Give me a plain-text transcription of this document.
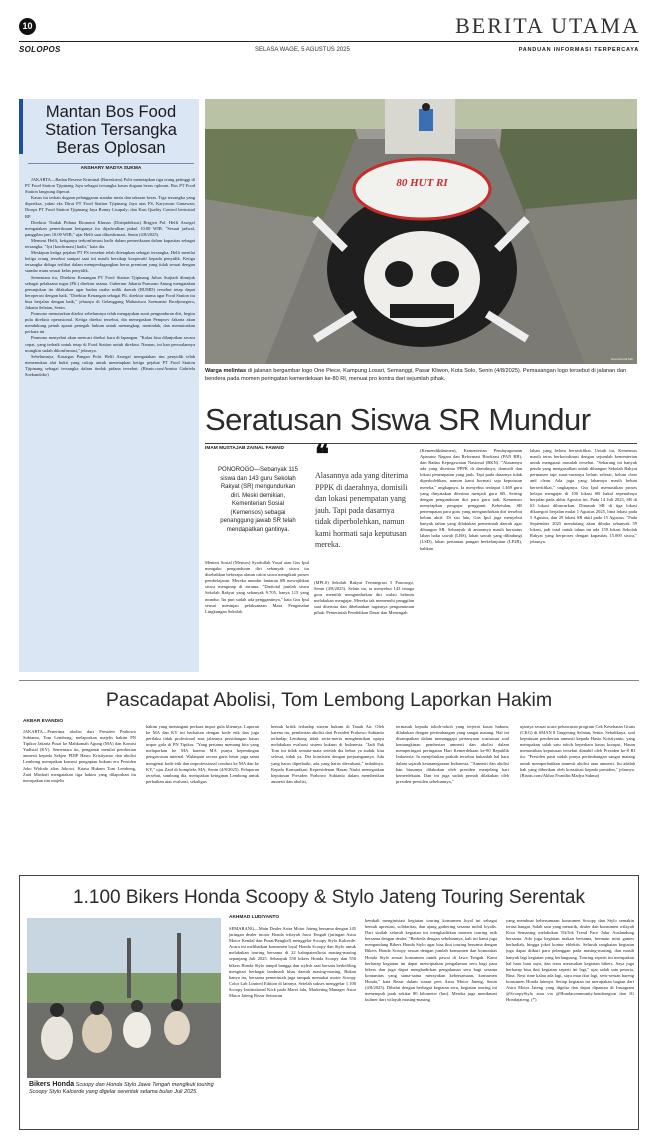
10	BERITA UTAMA
SOLOPOS	SELASA WAGE, 5 AGUSTUS 2025	PANDUAN INFORMASI TERPERCAYA
Mantan Bos Food Station Tersangka Beras Oplosan
ANSHARY MADYA SUKMA

JAKARTA—Badan Reserse Kriminal (Bareskrim) Polri menetapkan tiga orang petinggi di PT Food Station Tjipinang Jaya sebagai tersangka kasus dugaan beras oplosan. Bos PT Food Station langsung dipecat.

Kasus itu terkait dugaan pelanggaran standar mutu dan takaran beras. Tiga tersangka yang diperiksa, yakni eks Dirut PT Food Station Tjipinang Jaya atas FS, Karyawan Gunawan; Dirops PT Food Station Tjipinang Jaya Ronny Lisapaly; dan Kasi Quality Control berinisial RP.

Direktur Tindak Pidana Ekonomi Khusus (Dirtipideksus) Brigjen Pol. Helfi Assegaf mengatakan pemeriksaan ketiganya itu dijadwalkan pukul 10.00 WIB. "Sesuai jadwal, panggilan jam 10.00 WIB," ujar Helfi saat dikonfirmasi, Senin (4/8/2025).

Menurut Helfi, ketiganya terkonfirmasi hadir dalam pemeriksaan dalam kapasitas sebagai tersangka. "Iya [konfirmasi] hadir," kata dia.

Meskipun ketiga pejabat PT FS tersebut telah ditetapkan sebagai tersangka, Helfi menilai ketiga orang tersebut sampai saat ini masih bersikap kooperatif kepada penyidik. Ketiga tersangka diduga terlibat dalam memperdagangkan beras premium yang tidak sesuai dengan standar mutu sesuai kelas penyidik.

Sementara itu, Direktur Keuangan PT Food Station Tjipinang Julius Sutjiadi ditunjuk sebagai pelaksana tugas (Plt.) direktur utama. Gubernur Jakarta Pramono Anung mengatakan penunjukan itu dilakukan agar badan usaha milik daerah (BUMD) tersebut tetap dapat beroperasi dengan baik. "Direktur Keuangan sebagai Plt. direktur utama agar Food Station itu bisa berjalan dengan baik," jelasnya di Gelanggang Mahasiswa Soemantri Brodjonegoro, Jakarta Selatan, Senin.

Pramono menuturkan direksi sebelumnya telah mengajukan surat pengunduran diri, begitu pula direktur operasional. Ketiga direksi tersebut, dia menegaskan Pemprov Jakarta akan mendukung penuh aparat penegak hukum untuk menangkap, menindak, dan memutuskan perkara ini.

Pramono menyebut akan mencari direksi baru di lapangan. "Kalau bisa dilanjutkan secara cepat, yang terbaik untuk tetap di Food Station untuk direktur. Namun, ini kan persoalannya mungkin sudah dikonfirmasi," jelasnya.

Sebelumnya, Kasatgas Pangan Polri Helfi Assegaf mengatakan tim penyidik telah menemukan alat bukti yang cukup untuk menetapkan ketiga pejabat PT Food Station Tjipinang sebagai tersangka dalam tindak pidana tersebut. (Bisnis.com/Annisa Gabriela Soekandoko)

80 HUT RI
Espos/Ferdi Mdt
Warga melintas di jalanan bergambar logo One Piece, Kampung Losari, Semanggi, Pasar Kliwon, Kota Solo, Senin (4/8/2025). Pemasangan logo tersebut di jalanan dan bendera pada momen peringatan kemerdekaan ke-80 RI, menuai pro kontra dari sejumlah pihak.
Seratusan Siswa SR Mundur
IMAM MUSTAJAB ZAINAL FAWAID
PONOROGO—Sebanyak 115 siswa dan 143 guru Sekolah Rakyat (SR) mengundurkan diri. Meski demikian, Kementerian Sosial (Kemensos) sebagai penanggung jawab SR telah mendapatkan gantinya.
❝
Alasannya ada yang diterima PPPK di daerahnya, domisili dan lokasi penempatan yang jauh. Tapi pada dasarnya tidak diperbolehkan, namun kami hormati saja keputusan mereka.
Menteri Sosial (Mensos) Syaifullah Yusuf atau Gus Ipul mengaku pengunduran diri sebanyak siswa itu disebabkan beberapa alasan calon siswa mengikuti proses pembelajaran. Mereka mundur lantaran SR mewajibkan siswa menginap di asrama. "Daritotal jumlah siswa Sekolah Rakyat yang sebanyak 9.705, hanya 115 yang mundur. Itu pun sudah ada penggantinya," kata Gus Ipul seusai meninjau pelaksanaan Masa Pengenalan Lingkungan Sekolah
(MPLS) Sekolah Rakyat Terintegrasi 5 Ponorogo, Senin (4/8/2025). Selain itu, ia menyebut 143 tenaga guru memilih mengundurkan diri walau beluum melakukan mengajar. Mereka tak memenuhi panggilan saat diterima dan dibebankan tugasnya pengumuman pihak. Pemerintah Pendidikan Dasar dan Menengah
(Kemendikdasmen), Kementerian Pendayagunaan Aparatur Negara dan Reformasi Birokrasi (PAN RB), dan Badan Kepegawaian Nasional (BKN). "Alasannya ada yang diterima PPPK di daerahnya, domisili dan lokasi penempatan yang jauh. Tapi pada dasarnya tidak diperbolehkan, namun kami hormati saja keputusan mereka," ungkapnya. Ia menyebut terdapat 1.469 guru yang dinyatakan diterima menjadi guru SR. Seiring dengan pengunduran diri para guru tadi, Kemensos menyiapkan pengajar pengganti. Kebetulan, SR penempatan para guru yang mengundurkan diri tersebut belum aktif. Di sisi lain, Gus Ipul juga menyebut banyak tahun yang dilakukan pemerintah daerah agar dibangun SR. Sebanyak di antaranya masih berstatus lahan baku sawah (LBS), lahan sawah yang dilindungi (LSD), lahan pertanian pangan berkelanjutan (LP2B), bahkan
lahan yang belum bersertifikat. Untuk itu, Kemensos masih terus berkoordinasi dengan sejumlah kementerian untuk mengatasi masalah tersebut. "Sekarang ini banyak penda yang mengusulkan untuk dibangun Sekolah Rakyat permanen tapi surat-suratnya belum selesai, belum clear and clean. Ada juga yang lahannya masih belum bersertifikat," ungkapnya. Gus Ipul memastikan proses belajar mengajar di 100 lokasi SR bakal sepenuhnya berjalan pada akhir Agustus ini. Pada 14 Juli 2025, SR di 63 lokasi diluncurkan. Dimasuk SR di tiga lokasi dikategori berjalan mulai 1 Agustus 2025, lima lokasi pada 5 Agustus, dan 29 lokasi SR aktif pada 15 Agustus. "Pada September 2025 mendatang akan dibuka sebanyak 59 lokasi, jadi total untuk tahun ini ada 159 lokasi Sekolah Rakyat yang berproses dengan kapasitas 15.000 siswa," jelasnya.
Pascadapat Abolisi, Tom Lembong Laporkan Hakim
AKBAR EVANDIO
JAKARTA—Penerima abolisi dari Presiden Prabowo Subianto, Tom Lembong, melaporkan majelis hakim PN Tipikor Jakarta Pusat ke Mahkamah Agung (MA) dan Komisi Yudisial (KY). Sementara itu, pengamat menilai pemberian amnesti kepada Sekjen PDIP Hasto Kristiyanto dan abolisi Lembong merupakan konsesi pengapian hukum era Presiden Joko Widodo alias Jokowi. Kuasa Hukum Tom Lembong, Zaid Mushafi mengatakan tiga hakim yang dilaporkan itu merupakan tim majelis
hakim yang menangani perkara impor gula kliennya. Laporan ke MA dan KY ini berkaitan dengan kode etik dan juga perilaku tidak profesional atas jalannya persidangan kasus impor gula di PN Tipikor. "Yang pertama memang kita yang melaporkan ke MA karena MA punya kepentingan pengawasan internal. Walaupun secara garis besar juga sama mengenai kode etik dan unprofessional conduct ke MA dan ke KY," ujar Zaid di kompleks MA, Senin (4/8/2025). Pelaporan tersebut, sambung dia, merupakan keinginan Lembong untuk perbaikan atas evaluasi, sekaligus
bentuk kritik terhadap sistem hukum di Tanah Air. Oleh karena itu, pemberian abolisi dari Presiden Prabowo Subianto terhadap Lembong tidak serta-merta menghentikan upaya melakukan evaluasi sistem hukum di Indonesia. "Jadi Pak Tom ini tidak semata-mata setelah dia bebas ya sudah, kita selesai, tidak ya. Dia konsisten dengan perjuangannya. Ada yang harus diperbaiki, ada yang harus dievaluasi," imbuhnya. Kepala Komunikasi Kepresidenan Hasan Nasbi menegaskan keputusan Presiden Prabowo Subianto dalam memberikan amnesti dan abolisi,
termasuk kepada tokoh-tokoh yang terjerat kasus hukum, dilakukan dengan pertimbangan yang sangat matang. Hal ini disampaikan dalam menanggapi pertanyaan wartawan soal kemungkinan pemberian amnesti dan abolisi dalam memperingati peringatan Hari Kemerdekaan ke-80 Republik Indonesia. Ia menjelaskan praktik tersebut bukanlah hal baru dalam sejarah ketatanegaraan Indonesia. "Amnesti dan abolisi kan biasanya dilakukan oleh presiden menjelang hari kemerdekaan. Dan ini juga sudah pernah dilakukan oleh presiden-presiden sebelumnya,"
ujarnya seusai acara peluncuran program Cek Kesehatan Gratis (CKG) di SMAN 8 Tangerang Selatan, Senin. Sebaliknya, soal keputusan pemberian amnesti kepada Hasto Kristiyanto, yang merupakan salah satu tokoh beperkara kasus korupsi, Hasan memastikan keputusan tersebut diambil oleh Presiden ke-8 RI itu. "Presiden pasti sudah punya pertimbangan sangat matang untuk memperhatikan amnesti abolisi atau amnesti. Itu adalah hak yang diberikan oleh konstitusi kepada presiden," jelasnya. (Bisnis.com/Akbar Evandio/Madya Sukma)
1.100 Bikers Honda Scoopy & Stylo Jateng Touring Serentak
Bikers Honda Scoopy dan Honda Stylo Jawa Tengah mengikuti touring Scoopy Stylo Kalcerde yang digelar serentak selama bulan Juli 2025.
AKHMAD LUDIYANTO
SEMARANG—Main Dealer Astra Motor Jateng bersama dengan 145 jaringan dealer motor Honda wilayah Jawa Tengah (jaringan Astra Motor Kendal dan Pusat/Bengkel) menggelar Scoopy Stylo Kalcerde. Acara ini melibatkan konsumen loyal Honda Scoopy dan Stylo untuk melakukan touring bersama di 22 kabupaten/kota masing-masing sepanjang Juli 2025. Sebanyak 550 bikers Honda Scoopy dan 550 bikers Honda Stylo tampil bangga dan stylish saat bersatu berkeliling mengitari berbagai landmark khas daerah masing-masing. Bukan hanya itu, bersama pemerintah juga tampak memakai motor Scoopy Color Lab Limited Edition di lainnya. Setelah sukses menggelar 1.100 Scoopy Institutional Kick pada Maret lalu, Marketing Manager Astra Motor Jateng Rezar Setiawan
kembali menginisiasi kegiatan touring konsumen loyal ini sebagai bentuk apresiasi, solidaritas, dan ajang gathering sesama mobil loyalis. Dari sinilah seluruh kegiatan ini menghadirkan momen touring asik bersama dengan dealer. "Berbeda dengan sebelumnya, kali ini kami juga mengundang Bikers Honda Stylo agar bisa ikut touring bersama dengan Bikers Honda Scoopy sesuai dengan jumlah konsumen dan komunitas Honda Stylo sesuai konsumen untuk pawai di Jawa Tengah. Kami berharap kegiatan ini dapat menciptakan pengalaman seru bagi para bikers dan juga dapat menghadirkan pengalaman seru bagi sesama komunitas yang sama-sama merayakan kebersamaan, konsumen Honda," kata Rezar dalam siaran pers Astra Motor Jateng, Senin (4/8/2025). Dibalut dengan berbagai kegiatan seru, kegiatan touring ini menempuh jarak sekitar 80 kilometer (km). Mereka juga menikmati kuliner dari wilayah masing-masing.
yang membuat kebersamaan konsumen Scoopy dan Stylo semakin terasa hangat. Salah satu yang menarik, dealer dan konsumen wilayah Kota Semarang melakukan TikTok Trend Face Jalur Auslandung bersama. Ada juga kegiatan makan bersama, bermain mini games berhadiah, hingga joket kontur eklektis. Seluruh rangkaian kegiatan juga dapat diikuti para pelanggan pada masing-masing, dan masih banyak lagi kegiatan yang berlangsung. Touring seperti ini merupakan hal baru buat saya, dan terus merasakan kegiatan bikers. Saya juga berharap bisa ikut kegiatan seperti ini lagi," ujar salah satu peserta, Rina. Next time kalau ada lagi, saya mau ikut lagi, seru-seruan bareng konsumen Honda lainnya. Setiap kegiatan ini merupakan bagian dari Astra Motor Jateng yang digelar dan dapat dipantau di Instagram @ScoopyStylo atau via @Hondacommunity.hondaregion dan IG Hondajateng. (*)
